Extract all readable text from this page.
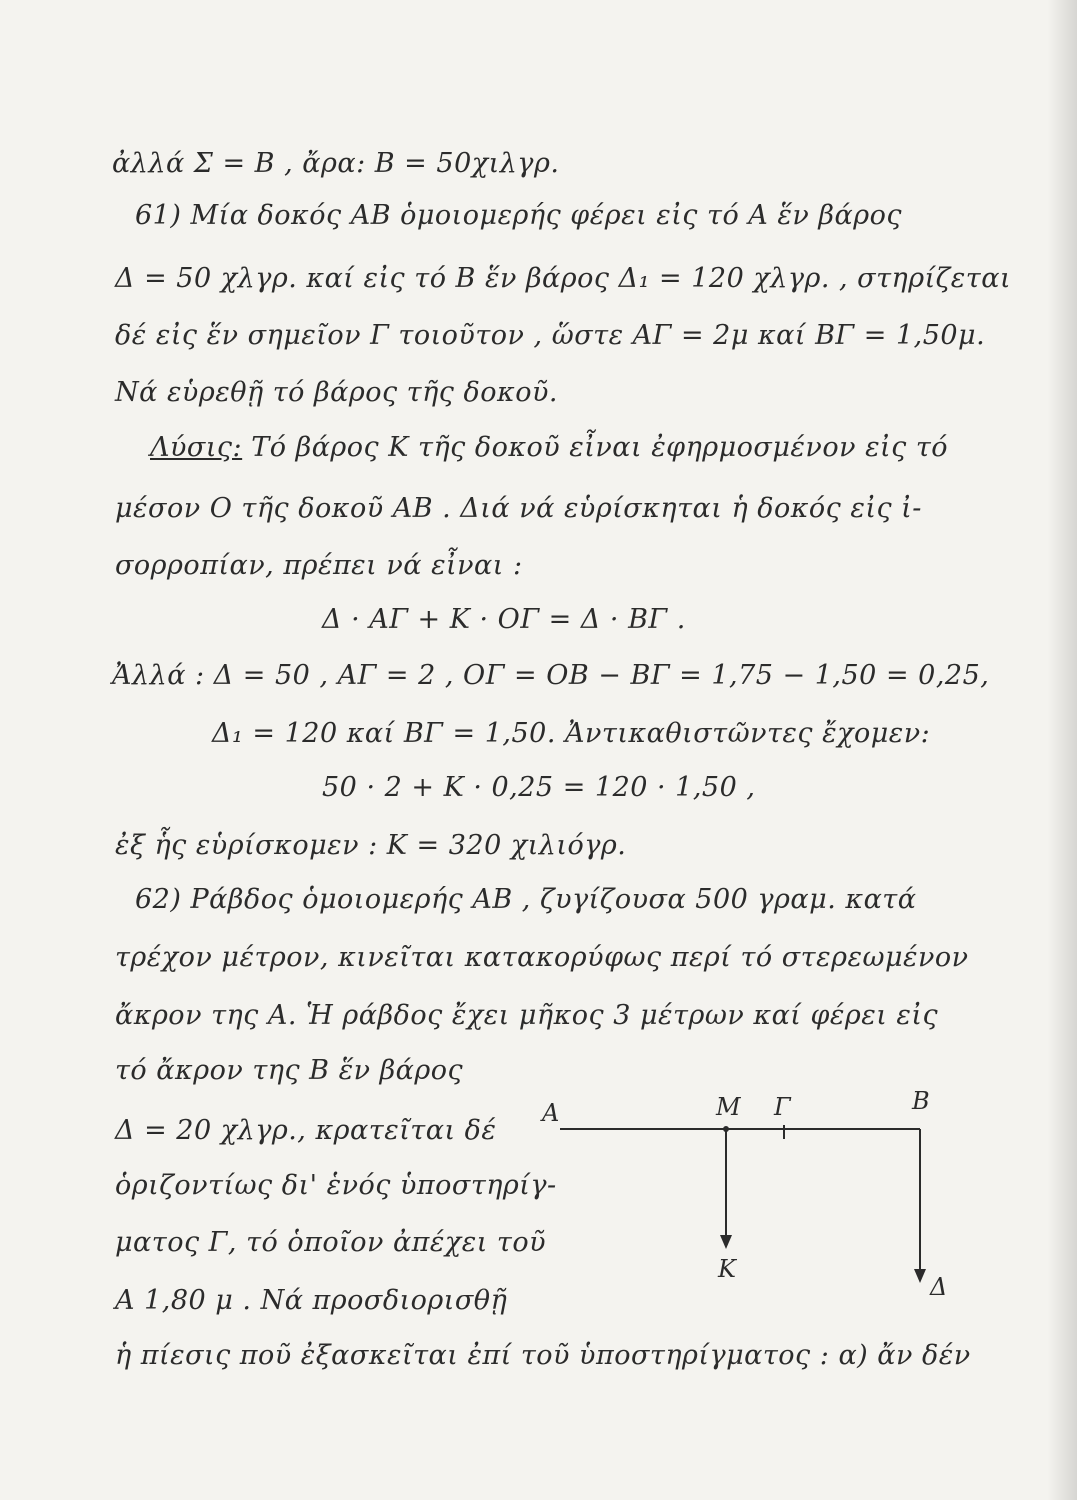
ἀλλά Σ = Β , ἄρα: Β = 50χιλγρ.
61) Μία δοκός ΑΒ ὁμοιομερής φέρει εἰς τό Α ἕν βάρος
Δ = 50 χλγρ. καί εἰς τό Β ἕν βάρος Δ₁ = 120 χλγρ. , στηρίζεται
δέ εἰς ἕν σημεῖον Γ τοιοῦτον , ὥστε ΑΓ = 2μ καί ΒΓ = 1,50μ.
Νά εὑρεθῇ τό βάρος τῆς δοκοῦ.
Λύσις: Τό βάρος Κ τῆς δοκοῦ εἶναι ἐφηρμοσμένον εἰς τό
μέσον Ο τῆς δοκοῦ ΑΒ . Διά νά εὑρίσκηται ἡ δοκός εἰς ἰ-
σορροπίαν, πρέπει νά εἶναι :
Δ · ΑΓ + Κ · ΟΓ = Δ · ΒΓ .
Ἀλλά : Δ = 50 , ΑΓ = 2 , ΟΓ = ΟΒ − ΒΓ = 1,75 − 1,50 = 0,25,
Δ₁ = 120 καί ΒΓ = 1,50. Ἀντικαθιστῶντες ἔχομεν:
50 · 2 + Κ · 0,25 = 120 · 1,50 ,
ἐξ ἧς εὑρίσκομεν : Κ = 320 χιλιόγρ.
62) Ράβδος ὁμοιομερής ΑΒ , ζυγίζουσα 500 γραμ. κατά
τρέχον μέτρον, κινεῖται κατακορύφως περί τό στερεωμένον
ἄκρον της Α. Ἡ ράβδος ἔχει μῆκος 3 μέτρων καί φέρει εἰς
τό ἄκρον της Β ἕν βάρος
Δ = 20 χλγρ., κρατεῖται δέ
ὁριζοντίως δι' ἑνός ὑποστηρίγ-
ματος Γ, τό ὁποῖον ἀπέχει τοῦ
Α 1,80 μ . Νά προσδιορισθῇ
ἡ πίεσις ποῦ ἐξασκεῖται ἐπί τοῦ ὑποστηρίγματος : α) ἄν δέν
Α	Μ Γ	Β
Κ
Δ
